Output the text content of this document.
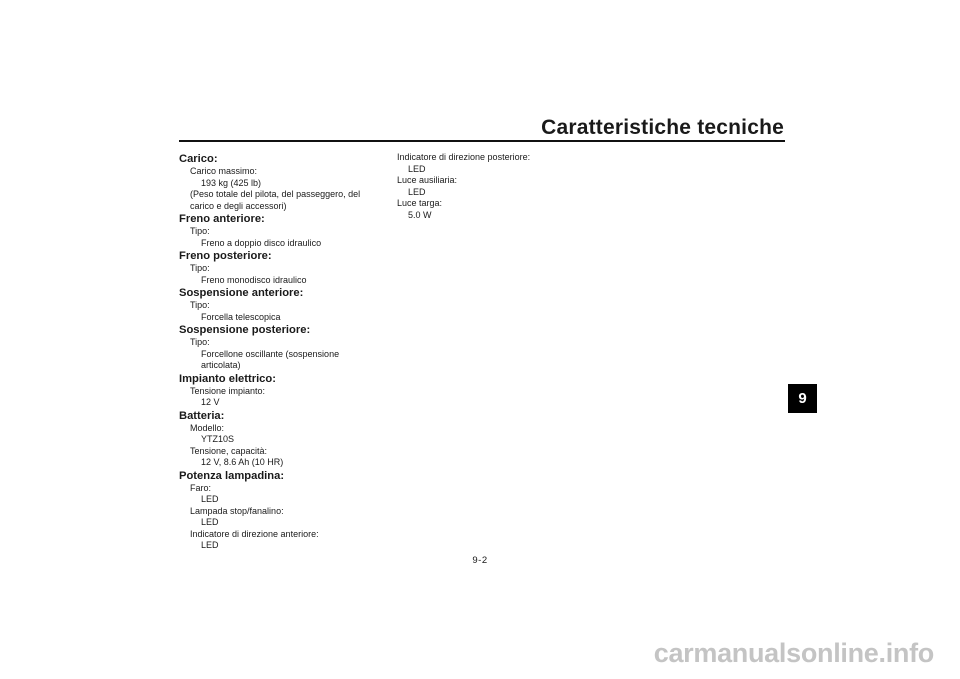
Caratteristiche tecniche
Carico:
Carico massimo:
193 kg (425 lb)
(Peso totale del pilota, del passeggero, del
carico e degli accessori)
Freno anteriore:
Tipo:
Freno a doppio disco idraulico
Freno posteriore:
Tipo:
Freno monodisco idraulico
Sospensione anteriore:
Tipo:
Forcella telescopica
Sospensione posteriore:
Tipo:
Forcellone oscillante (sospensione
articolata)
Impianto elettrico:
Tensione impianto:
12 V
Batteria:
Modello:
YTZ10S
Tensione, capacità:
12 V, 8.6 Ah (10 HR)
Potenza lampadina:
Faro:
LED
Lampada stop/fanalino:
LED
Indicatore di direzione anteriore:
LED
Indicatore di direzione posteriore:
LED
Luce ausiliaria:
LED
Luce targa:
5.0 W
9
9-2
carmanualsonline.info
